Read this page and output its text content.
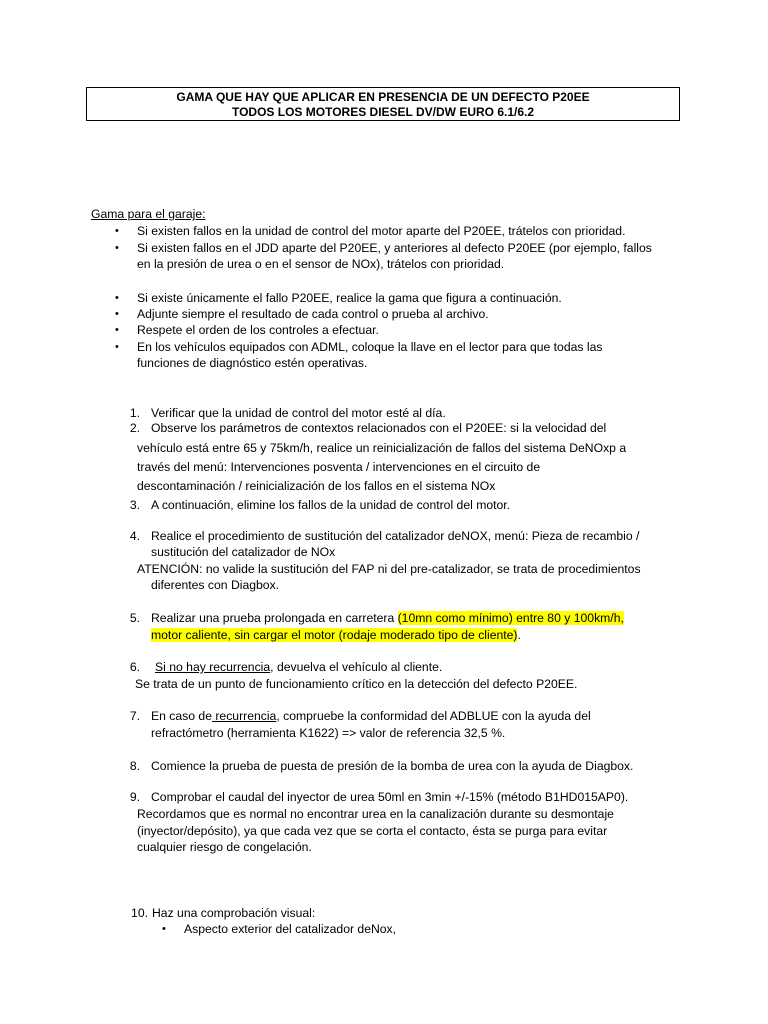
GAMA QUE HAY QUE APLICAR EN PRESENCIA DE UN DEFECTO P20EE
TODOS LOS MOTORES DIESEL DV/DW EURO 6.1/6.2
Gama para el garaje:
• Si existen fallos en la unidad de control del motor aparte del P20EE, trátelos con prioridad.
• Si existen fallos en el JDD aparte del P20EE, y anteriores al defecto P20EE (por ejemplo, fallos
en la presión de urea o en el sensor de NOx), trátelos con prioridad.
• Si existe únicamente el fallo P20EE, realice la gama que figura a continuación.
• Adjunte siempre el resultado de cada control o prueba al archivo.
• Respete el orden de los controles a efectuar.
• En los vehículos equipados con ADML, coloque la llave en el lector para que todas las
funciones de diagnóstico estén operativas.
1. Verificar que la unidad de control del motor esté al día.
2. Observe los parámetros de contextos relacionados con el P20EE: si la velocidad del
vehículo está entre 65 y 75km/h, realice un reinicialización de fallos del sistema DeNOxp a
través del menú: Intervenciones posventa / intervenciones en el circuito de
descontaminación / reinicialización de los fallos en el sistema NOx
3. A continuación, elimine los fallos de la unidad de control del motor.
4. Realice el procedimiento de sustitución del catalizador deNOX, menú: Pieza de recambio /
sustitución del catalizador de NOx
ATENCIÓN: no valide la sustitución del FAP ni del pre-catalizador, se trata de procedimientos
diferentes con Diagbox.
5. Realizar una prueba prolongada en carretera (10mn como mínimo) entre 80 y 100km/h,
motor caliente, sin cargar el motor (rodaje moderado tipo de cliente).
6. Si no hay recurrencia, devuelva el vehículo al cliente.
Se trata de un punto de funcionamiento crítico en la detección del defecto P20EE.
7. En caso de recurrencia, compruebe la conformidad del ADBLUE con la ayuda del
refractómetro (herramienta K1622) => valor de referencia 32,5 %.
8. Comience la prueba de puesta de presión de la bomba de urea con la ayuda de Diagbox.
9. Comprobar el caudal del inyector de urea 50ml en 3min +/-15% (método B1HD015AP0).
Recordamos que es normal no encontrar urea en la canalización durante su desmontaje
(inyector/depósito), ya que cada vez que se corta el contacto, ésta se purga para evitar
cualquier riesgo de congelación.
10. Haz una comprobación visual:
• Aspecto exterior del catalizador deNox,
